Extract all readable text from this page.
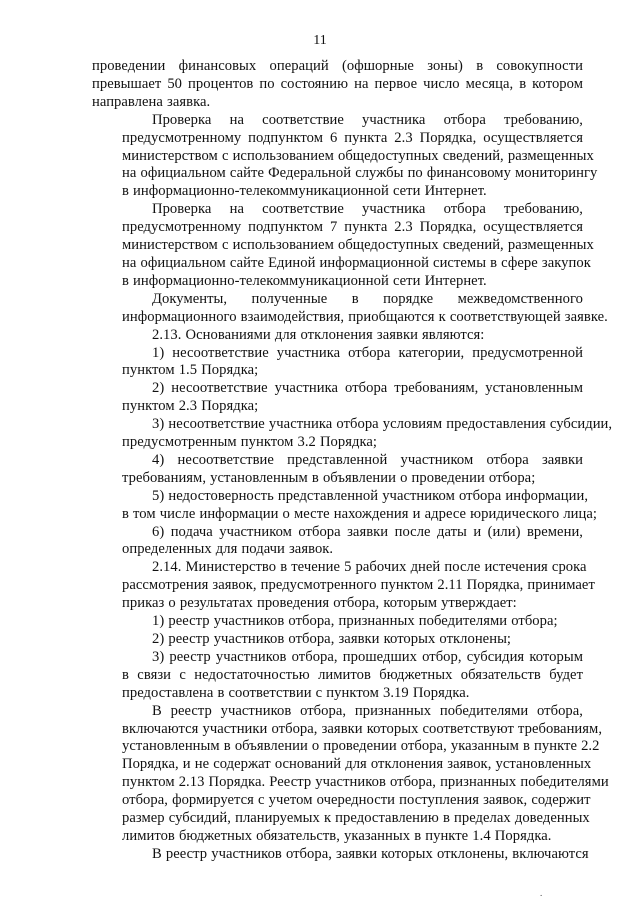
11

проведении финансовых операций (офшорные зоны) в совокупности
превышает 50 процентов по состоянию на первое число месяца, в котором
направлена заявка.

Проверка на соответствие участника отбора требованию,
предусмотренному подпунктом 6 пункта 2.3 Порядка, осуществляется
министерством с использованием общедоступных сведений, размещенных
на официальном сайте Федеральной службы по финансовому мониторингу
в информационно-телекоммуникационной сети Интернет.

Проверка на соответствие участника отбора требованию,
предусмотренному подпунктом 7 пункта 2.3 Порядка, осуществляется
министерством с использованием общедоступных сведений, размещенных
на официальном сайте Единой информационной системы в сфере закупок
в информационно-телекоммуникационной сети Интернет.

Документы, полученные в порядке межведомственного
информационного взаимодействия, приобщаются к соответствующей заявке.

2.13. Основаниями для отклонения заявки являются:

1) несоответствие участника отбора категории, предусмотренной
пунктом 1.5 Порядка;

2) несоответствие участника отбора требованиям, установленным
пунктом 2.3 Порядка;

3) несоответствие участника отбора условиям предоставления субсидии,
предусмотренным пунктом 3.2 Порядка;

4) несоответствие представленной участником отбора заявки
требованиям, установленным в объявлении о проведении отбора;

5) недостоверность представленной участником отбора информации,
в том числе информации о месте нахождения и адресе юридического лица;

6) подача участником отбора заявки после даты и (или) времени,
определенных для подачи заявок.

2.14. Министерство в течение 5 рабочих дней после истечения срока
рассмотрения заявок, предусмотренного пунктом 2.11 Порядка, принимает
приказ о результатах проведения отбора, которым утверждает:

1) реестр участников отбора, признанных победителями отбора;

2) реестр участников отбора, заявки которых отклонены;

3) реестр участников отбора, прошедших отбор, субсидия которым
в связи с недостаточностью лимитов бюджетных обязательств будет
предоставлена в соответствии с пунктом 3.19 Порядка.

В реестр участников отбора, признанных победителями отбора,
включаются участники отбора, заявки которых соответствуют требованиям,
установленным в объявлении о проведении отбора, указанным в пункте 2.2
Порядка, и не содержат оснований для отклонения заявок, установленных
пунктом 2.13 Порядка. Реестр участников отбора, признанных победителями
отбора, формируется с учетом очередности поступления заявок, содержит
размер субсидий, планируемых к предоставлению в пределах доведенных
лимитов бюджетных обязательств, указанных в пункте 1.4 Порядка.

В реестр участников отбора, заявки которых отклонены, включаются

.
